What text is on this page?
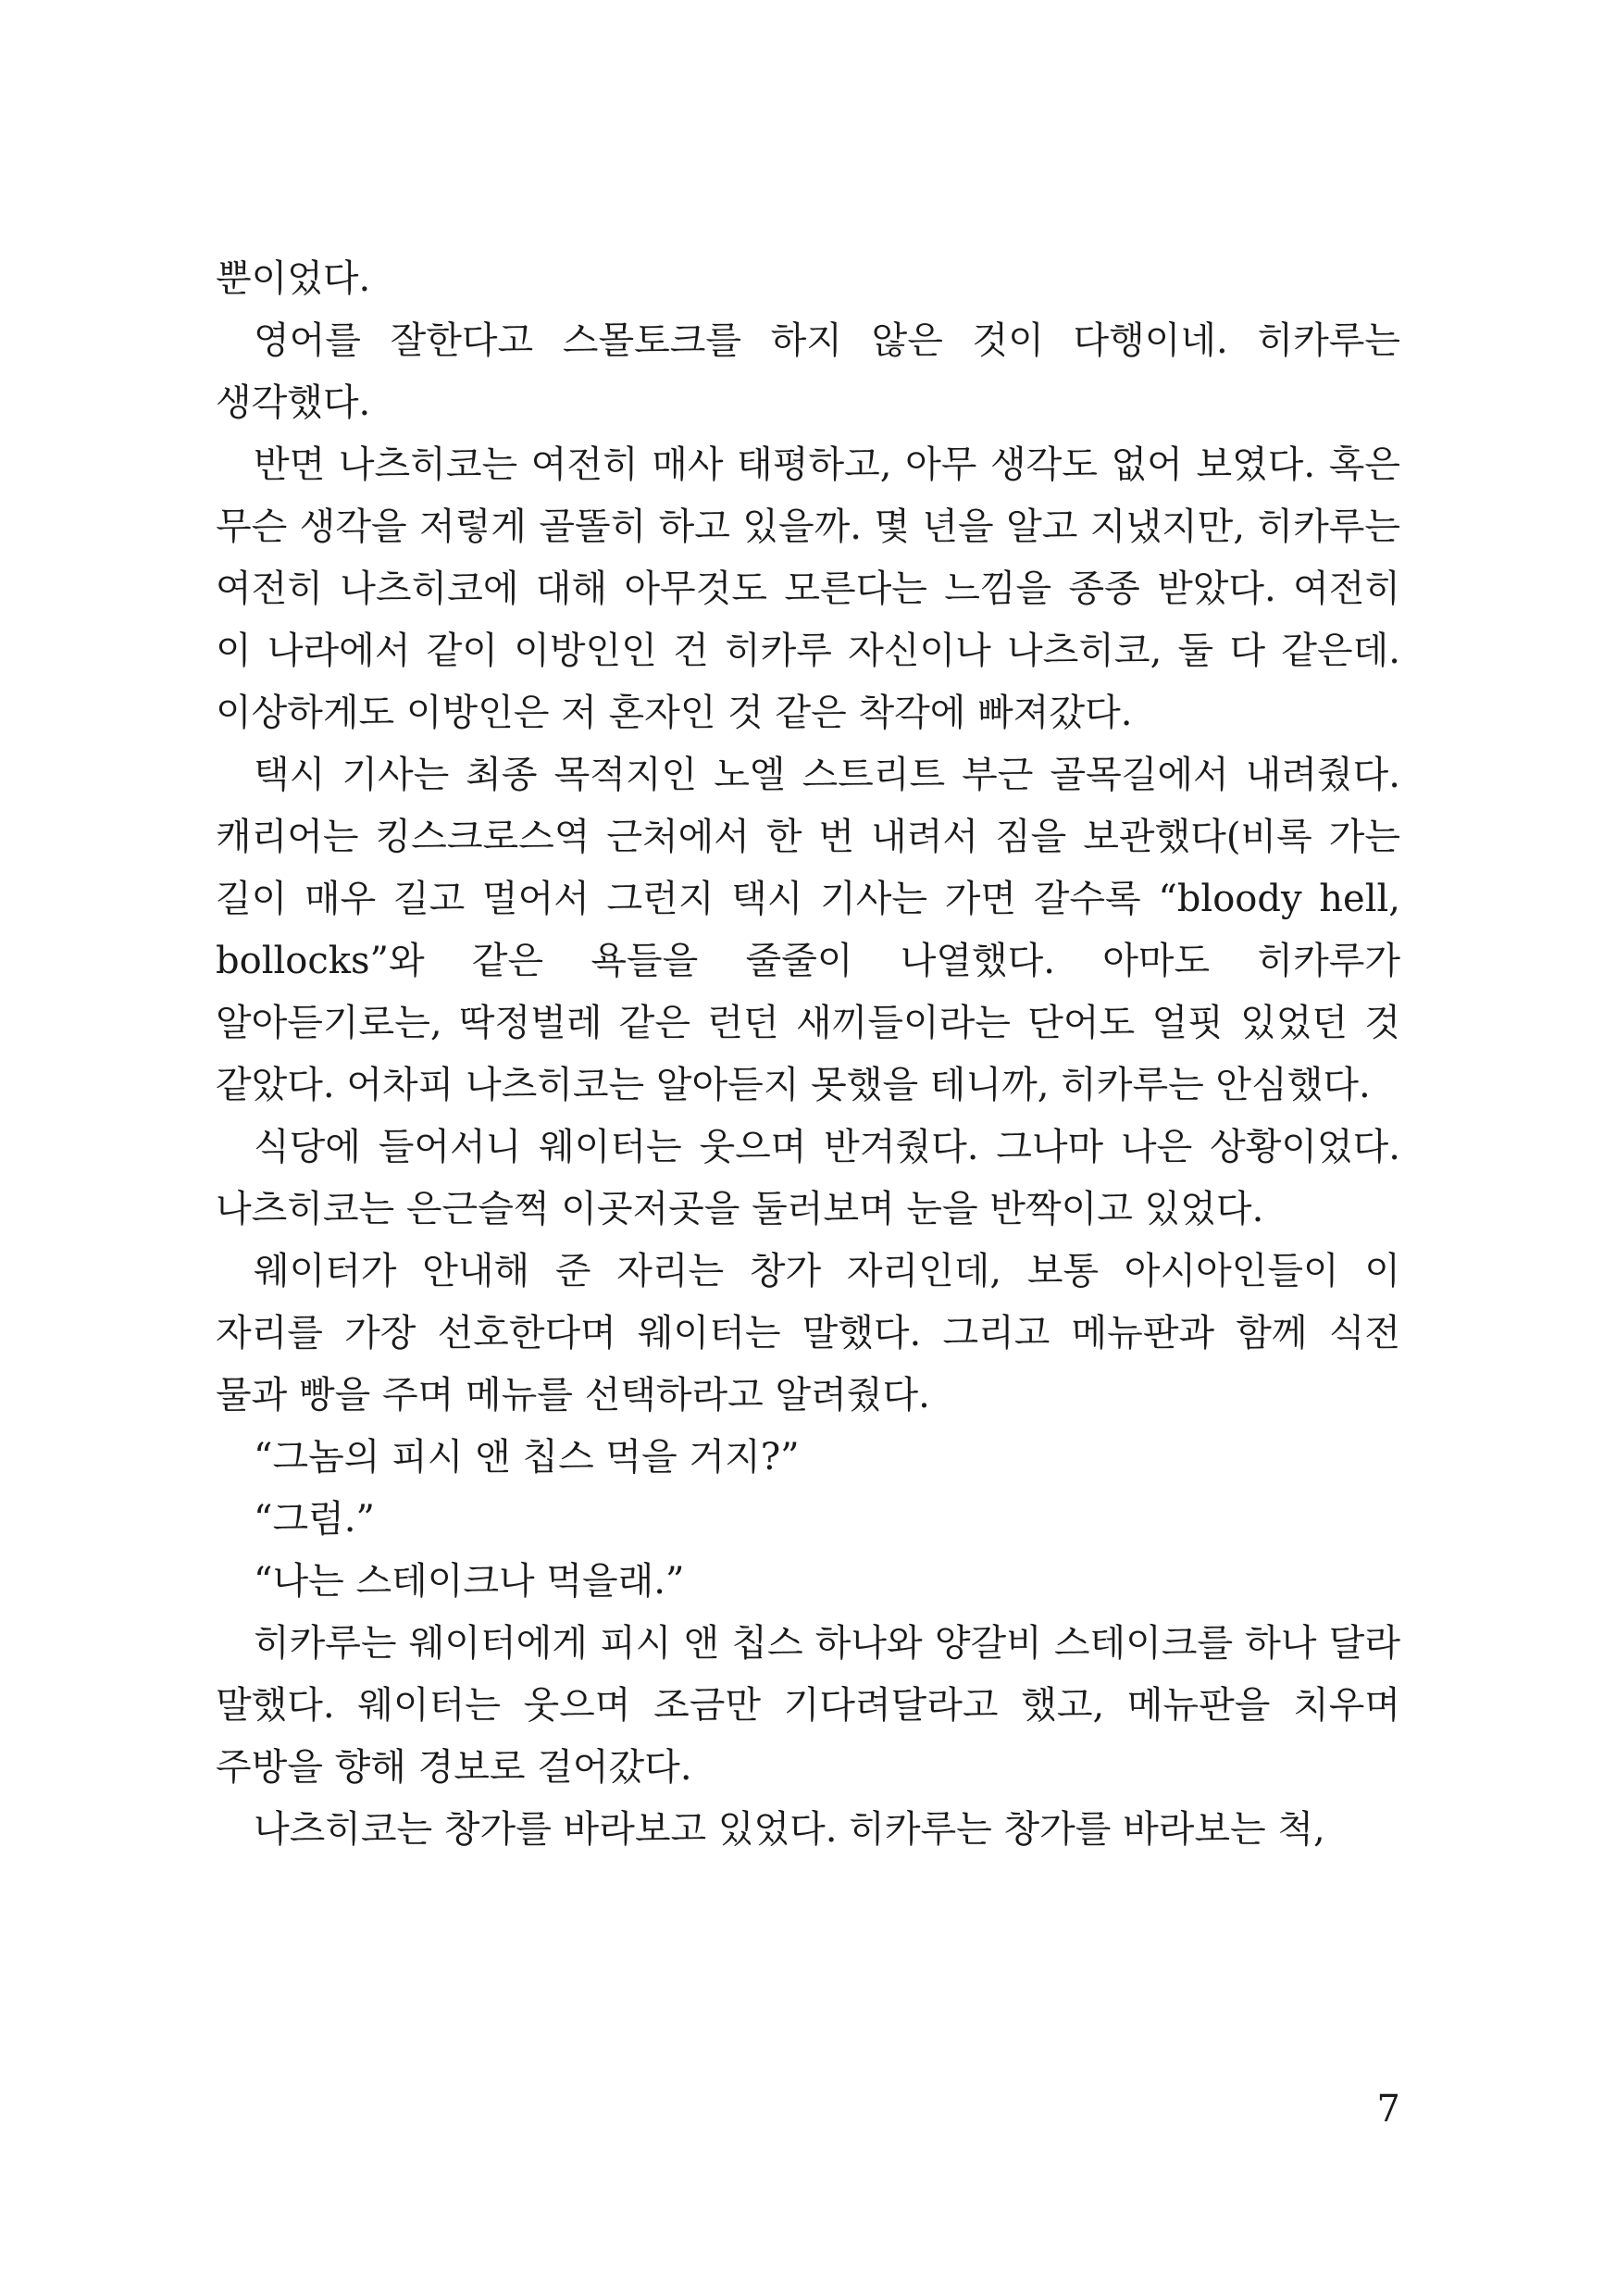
뿐이었다.

영어를 잘한다고 스몰토크를 하지 않은 것이 다행이네. 히카루는 생각했다.

반면 나츠히코는 여전히 매사 태평하고, 아무 생각도 없어 보였다. 혹은 무슨 생각을 저렇게 골똘히 하고 있을까. 몇 년을 알고 지냈지만, 히카루는 여전히 나츠히코에 대해 아무것도 모른다는 느낌을 종종 받았다. 여전히 이 나라에서 같이 이방인인 건 히카루 자신이나 나츠히코, 둘 다 같은데. 이상하게도 이방인은 저 혼자인 것 같은 착각에 빠져갔다.

택시 기사는 최종 목적지인 노엘 스트리트 부근 골목길에서 내려줬다. 캐리어는 킹스크로스역 근처에서 한 번 내려서 짐을 보관했다(비록 가는 길이 매우 길고 멀어서 그런지 택시 기사는 가면 갈수록 “bloody hell, bollocks”와 같은 욕들을 줄줄이 나열했다. 아마도 히카루가 알아듣기로는, 딱정벌레 같은 런던 새끼들이라는 단어도 얼핏 있었던 것 같았다. 어차피 나츠히코는 알아듣지 못했을 테니까, 히카루는 안심했다.

식당에 들어서니 웨이터는 웃으며 반겨줬다. 그나마 나은 상황이었다. 나츠히코는 은근슬쩍 이곳저곳을 둘러보며 눈을 반짝이고 있었다.

웨이터가 안내해 준 자리는 창가 자리인데, 보통 아시아인들이 이 자리를 가장 선호한다며 웨이터는 말했다. 그리고 메뉴판과 함께 식전 물과 빵을 주며 메뉴를 선택하라고 알려줬다.

“그놈의 피시 앤 칩스 먹을 거지?”

“그럼.”

“나는 스테이크나 먹을래.”

히카루는 웨이터에게 피시 앤 칩스 하나와 양갈비 스테이크를 하나 달라 말했다. 웨이터는 웃으며 조금만 기다려달라고 했고, 메뉴판을 치우며 주방을 향해 경보로 걸어갔다.

나츠히코는 창가를 바라보고 있었다. 히카루는 창가를 바라보는 척,

7
